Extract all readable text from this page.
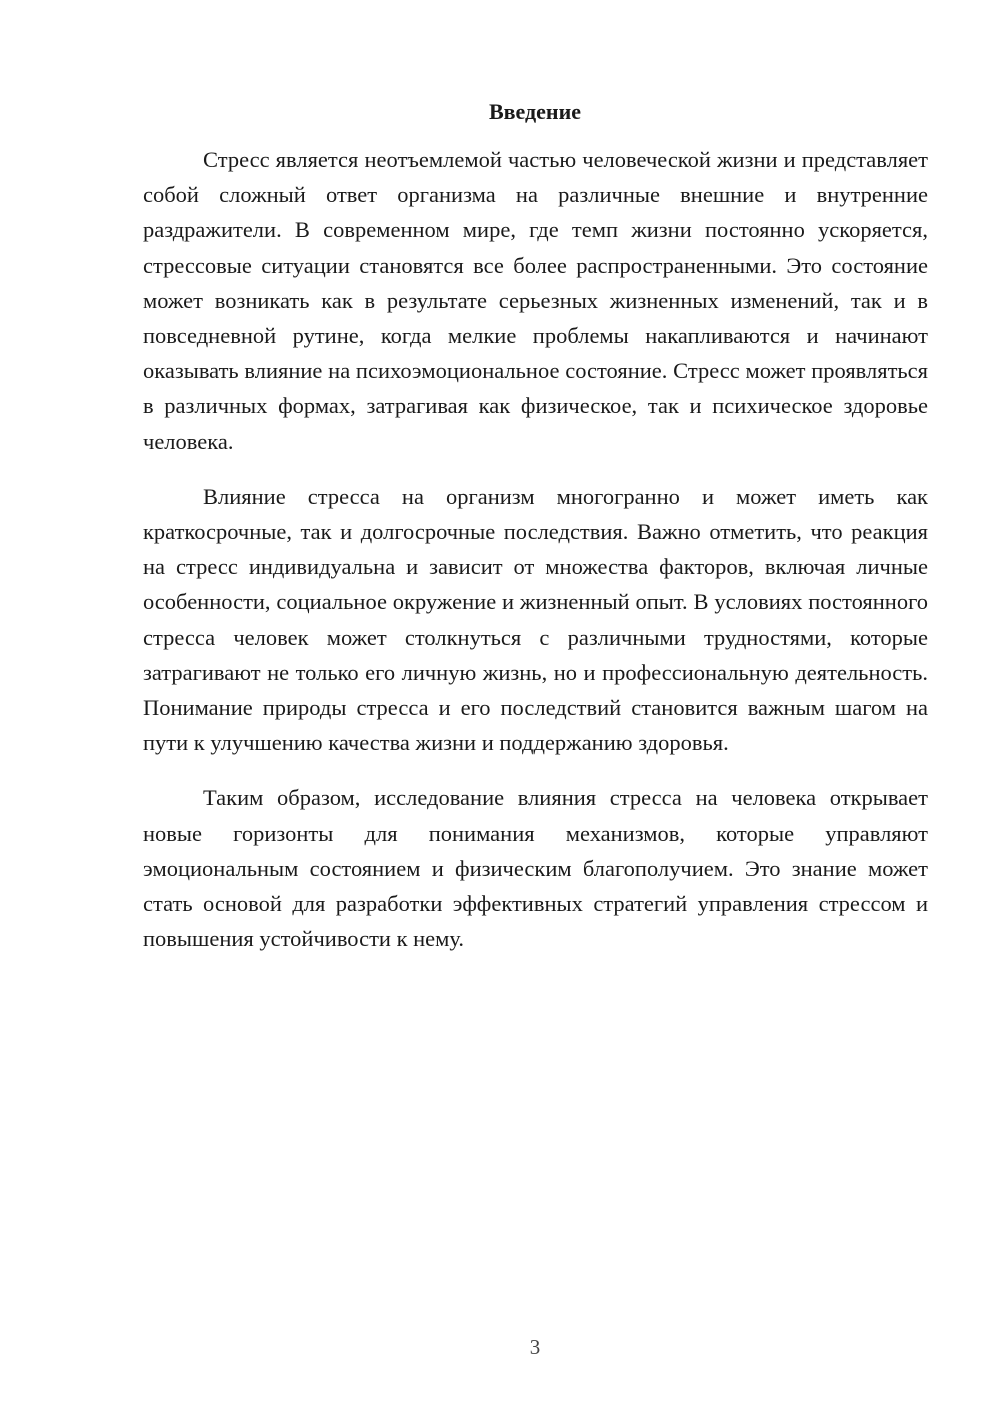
Введение

Стресс является неотъемлемой частью человеческой жизни и представляет собой сложный ответ организма на различные внешние и внутренние раздражители. В современном мире, где темп жизни постоянно ускоряется, стрессовые ситуации становятся все более распространенными. Это состояние может возникать как в результате серьезных жизненных изменений, так и в повседневной рутине, когда мелкие проблемы накапливаются и начинают оказывать влияние на психоэмоциональное состояние. Стресс может проявляться в различных формах, затрагивая как физическое, так и психическое здоровье человека.

Влияние стресса на организм многогранно и может иметь как краткосрочные, так и долгосрочные последствия. Важно отметить, что реакция на стресс индивидуальна и зависит от множества факторов, включая личные особенности, социальное окружение и жизненный опыт. В условиях постоянного стресса человек может столкнуться с различными трудностями, которые затрагивают не только его личную жизнь, но и профессиональную деятельность. Понимание природы стресса и его последствий становится важным шагом на пути к улучшению качества жизни и поддержанию здоровья.

Таким образом, исследование влияния стресса на человека открывает новые горизонты для понимания механизмов, которые управляют эмоциональным состоянием и физическим благополучием. Это знание может стать основой для разработки эффективных стратегий управления стрессом и повышения устойчивости к нему.

3
